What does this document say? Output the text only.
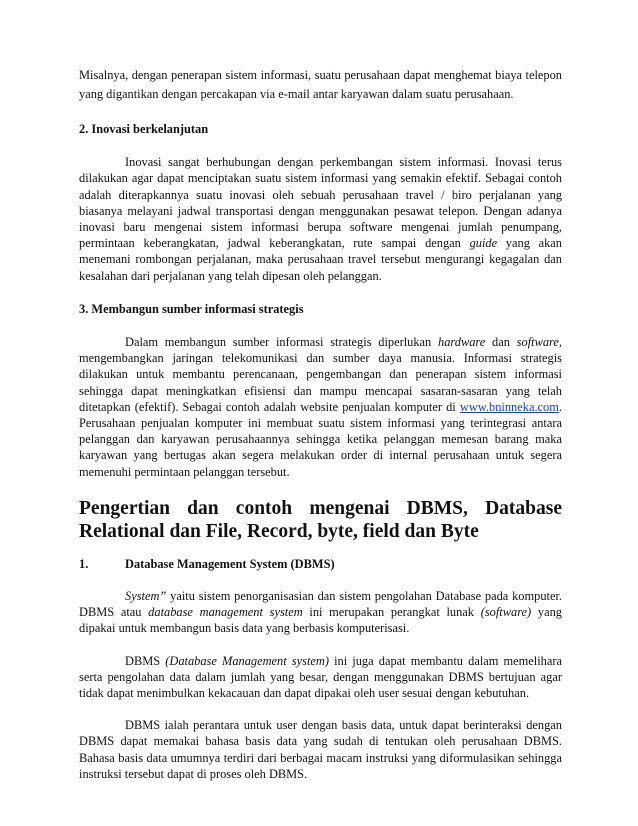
Misalnya, dengan penerapan sistem informasi, suatu perusahaan dapat menghemat biaya telepon yang digantikan dengan percakapan via e-mail antar karyawan dalam suatu perusahaan.

2. Inovasi berkelanjutan

Inovasi sangat berhubungan dengan perkembangan sistem informasi. Inovasi terus dilakukan agar dapat menciptakan suatu sistem informasi yang semakin efektif. Sebagai contoh adalah diterapkannya suatu inovasi oleh sebuah perusahaan travel / biro perjalanan yang biasanya melayani jadwal transportasi dengan menggunakan pesawat telepon. Dengan adanya inovasi baru mengenai sistem informasi berupa software mengenai jumlah penumpang, permintaan keberangkatan, jadwal keberangkatan, rute sampai dengan guide yang akan menemani rombongan perjalanan, maka perusahaan travel tersebut mengurangi kegagalan dan kesalahan dari perjalanan yang telah dipesan oleh pelanggan.

3. Membangun sumber informasi strategis

Dalam membangun sumber informasi strategis diperlukan hardware dan software, mengembangkan jaringan telekomunikasi dan sumber daya manusia. Informasi strategis dilakukan untuk membantu perencanaan, pengembangan dan penerapan sistem informasi sehingga dapat meningkatkan efisiensi dan mampu mencapai sasaran-sasaran yang telah ditetapkan (efektif). Sebagai contoh adalah website penjualan komputer di www.bninneka.com. Perusahaan penjualan komputer ini membuat suatu sistem informasi yang terintegrasi antara pelanggan dan karyawan perusahaannya sehingga ketika pelanggan memesan barang maka karyawan yang bertugas akan segera melakukan order di internal perusahaan untuk segera memenuhi permintaan pelanggan tersebut.

Pengertian dan contoh mengenai DBMS, Database Relational dan File, Record, byte, field dan Byte

1.	Database Management System (DBMS)

System” yaitu sistem penorganisasian dan sistem pengolahan Database pada komputer. DBMS atau database management system ini merupakan perangkat lunak (software) yang dipakai untuk membangun basis data yang berbasis komputerisasi.

DBMS (Database Management system) ini juga dapat membantu dalam memelihara serta pengolahan data dalam jumlah yang besar, dengan menggunakan DBMS bertujuan agar tidak dapat menimbulkan kekacauan dan dapat dipakai oleh user sesuai dengan kebutuhan.

DBMS ialah perantara untuk user dengan basis data, untuk dapat berinteraksi dengan DBMS dapat memakai bahasa basis data yang sudah di tentukan oleh perusahaan DBMS. Bahasa basis data umumnya terdiri dari berbagai macam instruksi yang diformulasikan sehingga instruksi tersebut dapat di proses oleh DBMS.
